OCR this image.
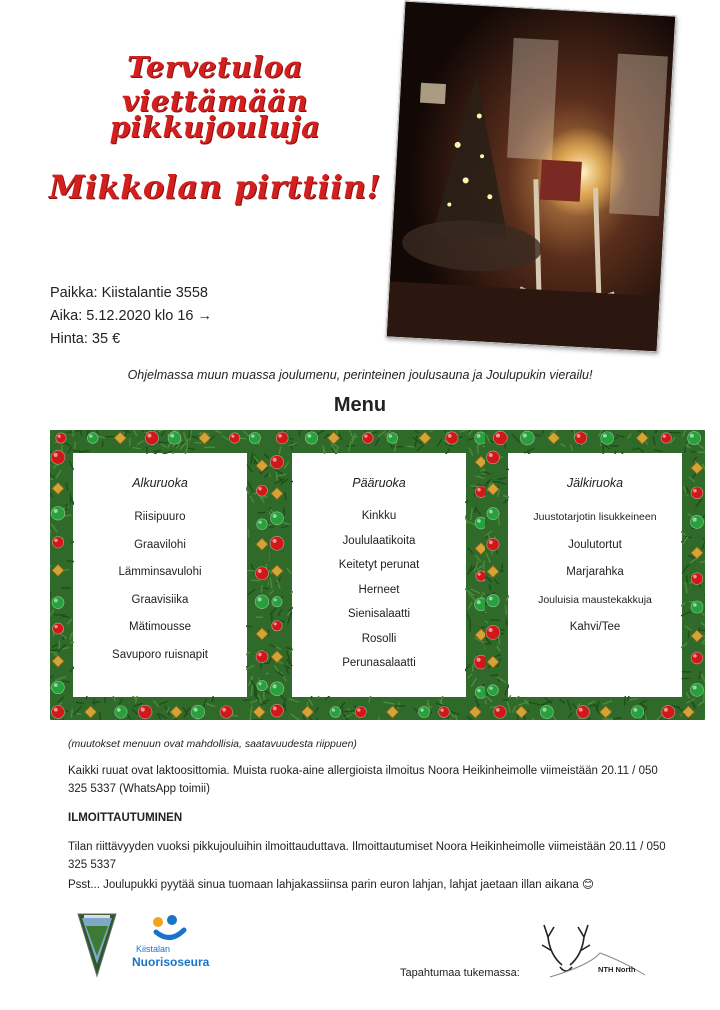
Tervetuloa viettämään
pikkujouluja
Mikkolan pirttiin!
Paikka: Kiistalantie 3558
Aika: 5.12.2020 klo 16 →
Hinta: 35 €
Ohjelmassa muun muassa joulumenu, perinteinen joulusauna ja Joulupukin vierailu!
Menu
Alkuruoka
Riisipuuro
Graavilohi
Lämminsavulohi
Graavisiika
Mätimousse
Savuporo ruisnapit
Pääruoka
Kinkku
Joululaatikoita
Keitetyt perunat
Herneet
Sienisalaatti
Rosolli
Perunasalaatti
Jälkiruoka
Juustotarjotin lisukkeineen
Joulutortut
Marjarahka
Jouluisia maustekakkuja
Kahvi/Tee
(muutokset menuun ovat mahdollisia, saatavuudesta riippuen)
Kaikki ruuat ovat laktoosittomia. Muista ruoka-aine allergioista ilmoitus Noora Heikinheimolle viimeistään 20.11 / 050 325 5337 (WhatsApp toimii)
ILMOITTAUTUMINEN
Tilan riittävyyden vuoksi pikkujouluihin ilmoittauduttava. Ilmoittautumiset Noora Heikinheimolle viimeistään 20.11 / 050 325 5337
Psst... Joulupukki pyytää sinua tuomaan lahjakassiinsa parin euron lahjan, lahjat jaetaan illan aikana 😊
Kiistalan
Nuorisoseura
Tapahtumaa tukemassa:	NTH North
